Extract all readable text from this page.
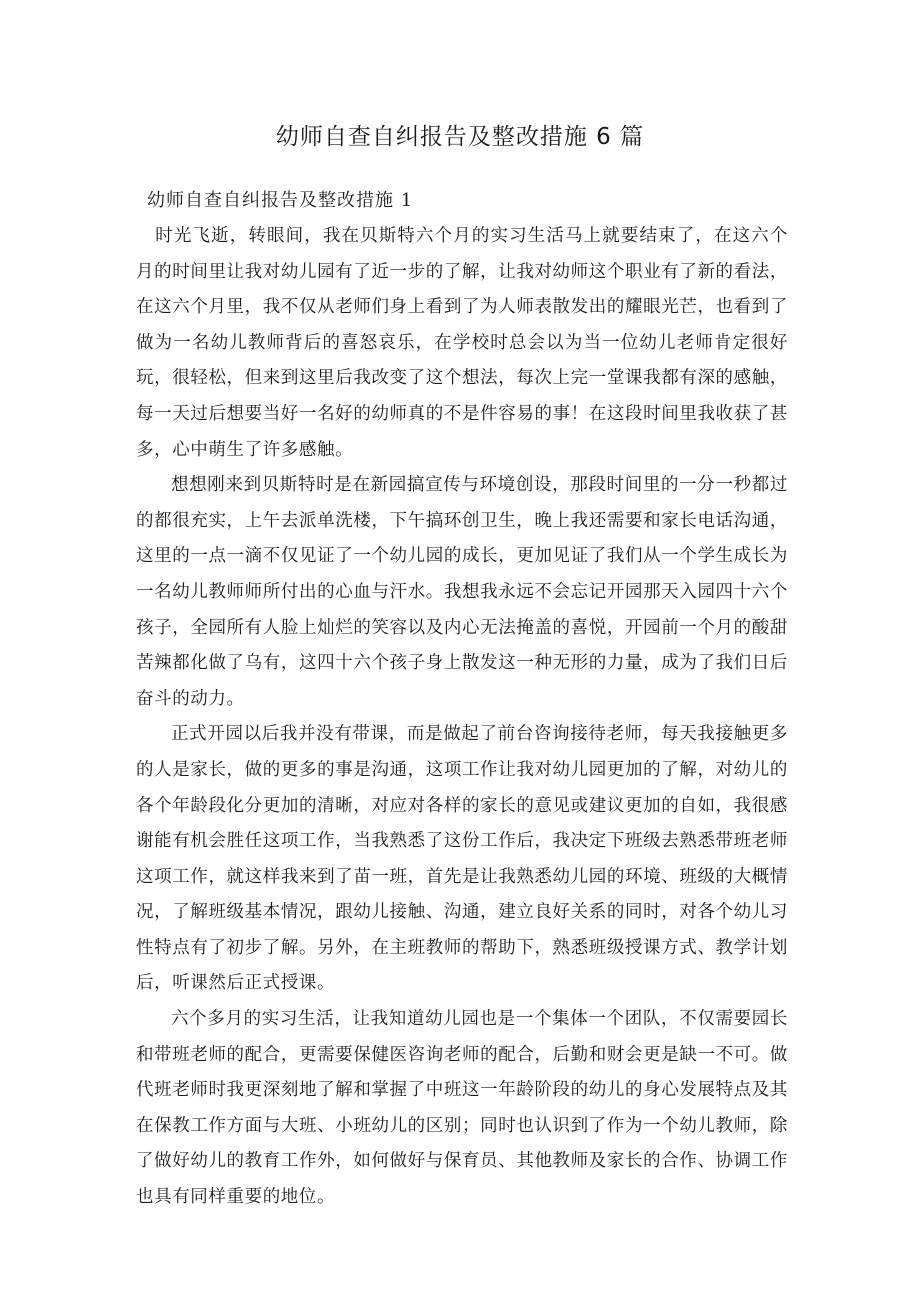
幼师自查自纠报告及整改措施 6 篇
幼师自查自纠报告及整改措施 1

时光飞逝，转眼间，我在贝斯特六个月的实习生活马上就要结束了，在这六个月的时间里让我对幼儿园有了近一步的了解，让我对幼师这个职业有了新的看法，在这六个月里，我不仅从老师们身上看到了为人师表散发出的耀眼光芒，也看到了做为一名幼儿教师背后的喜怒哀乐，在学校时总会以为当一位幼儿老师肯定很好玩，很轻松，但来到这里后我改变了这个想法，每次上完一堂课我都有深的感触，每一天过后想要当好一名好的幼师真的不是件容易的事！在这段时间里我收获了甚多，心中萌生了许多感触。

想想刚来到贝斯特时是在新园搞宣传与环境创设，那段时间里的一分一秒都过的都很充实，上午去派单洗楼，下午搞环创卫生，晚上我还需要和家长电话沟通，这里的一点一滴不仅见证了一个幼儿园的成长，更加见证了我们从一个学生成长为一名幼儿教师师所付出的心血与汗水。我想我永远不会忘记开园那天入园四十六个孩子，全园所有人脸上灿烂的笑容以及内心无法掩盖的喜悦，开园前一个月的酸甜苦辣都化做了乌有，这四十六个孩子身上散发这一种无形的力量，成为了我们日后奋斗的动力。

正式开园以后我并没有带课，而是做起了前台咨询接待老师，每天我接触更多的人是家长，做的更多的事是沟通，这项工作让我对幼儿园更加的了解，对幼儿的各个年龄段化分更加的清晰，对应对各样的家长的意见或建议更加的自如，我很感谢能有机会胜任这项工作，当我熟悉了这份工作后，我决定下班级去熟悉带班老师这项工作，就这样我来到了苗一班，首先是让我熟悉幼儿园的环境、班级的大概情况，了解班级基本情况，跟幼儿接触、沟通，建立良好关系的同时，对各个幼儿习性特点有了初步了解。另外，在主班教师的帮助下，熟悉班级授课方式、教学计划后，听课然后正式授课。

六个多月的实习生活，让我知道幼儿园也是一个集体一个团队，不仅需要园长和带班老师的配合，更需要保健医咨询老师的配合，后勤和财会更是缺一不可。做代班老师时我更深刻地了解和掌握了中班这一年龄阶段的幼儿的身心发展特点及其在保教工作方面与大班、小班幼儿的区别；同时也认识到了作为一个幼儿教师，除了做好幼儿的教育工作外，如何做好与保育员、其他教师及家长的合作、协调工作也具有同样重要的地位。
